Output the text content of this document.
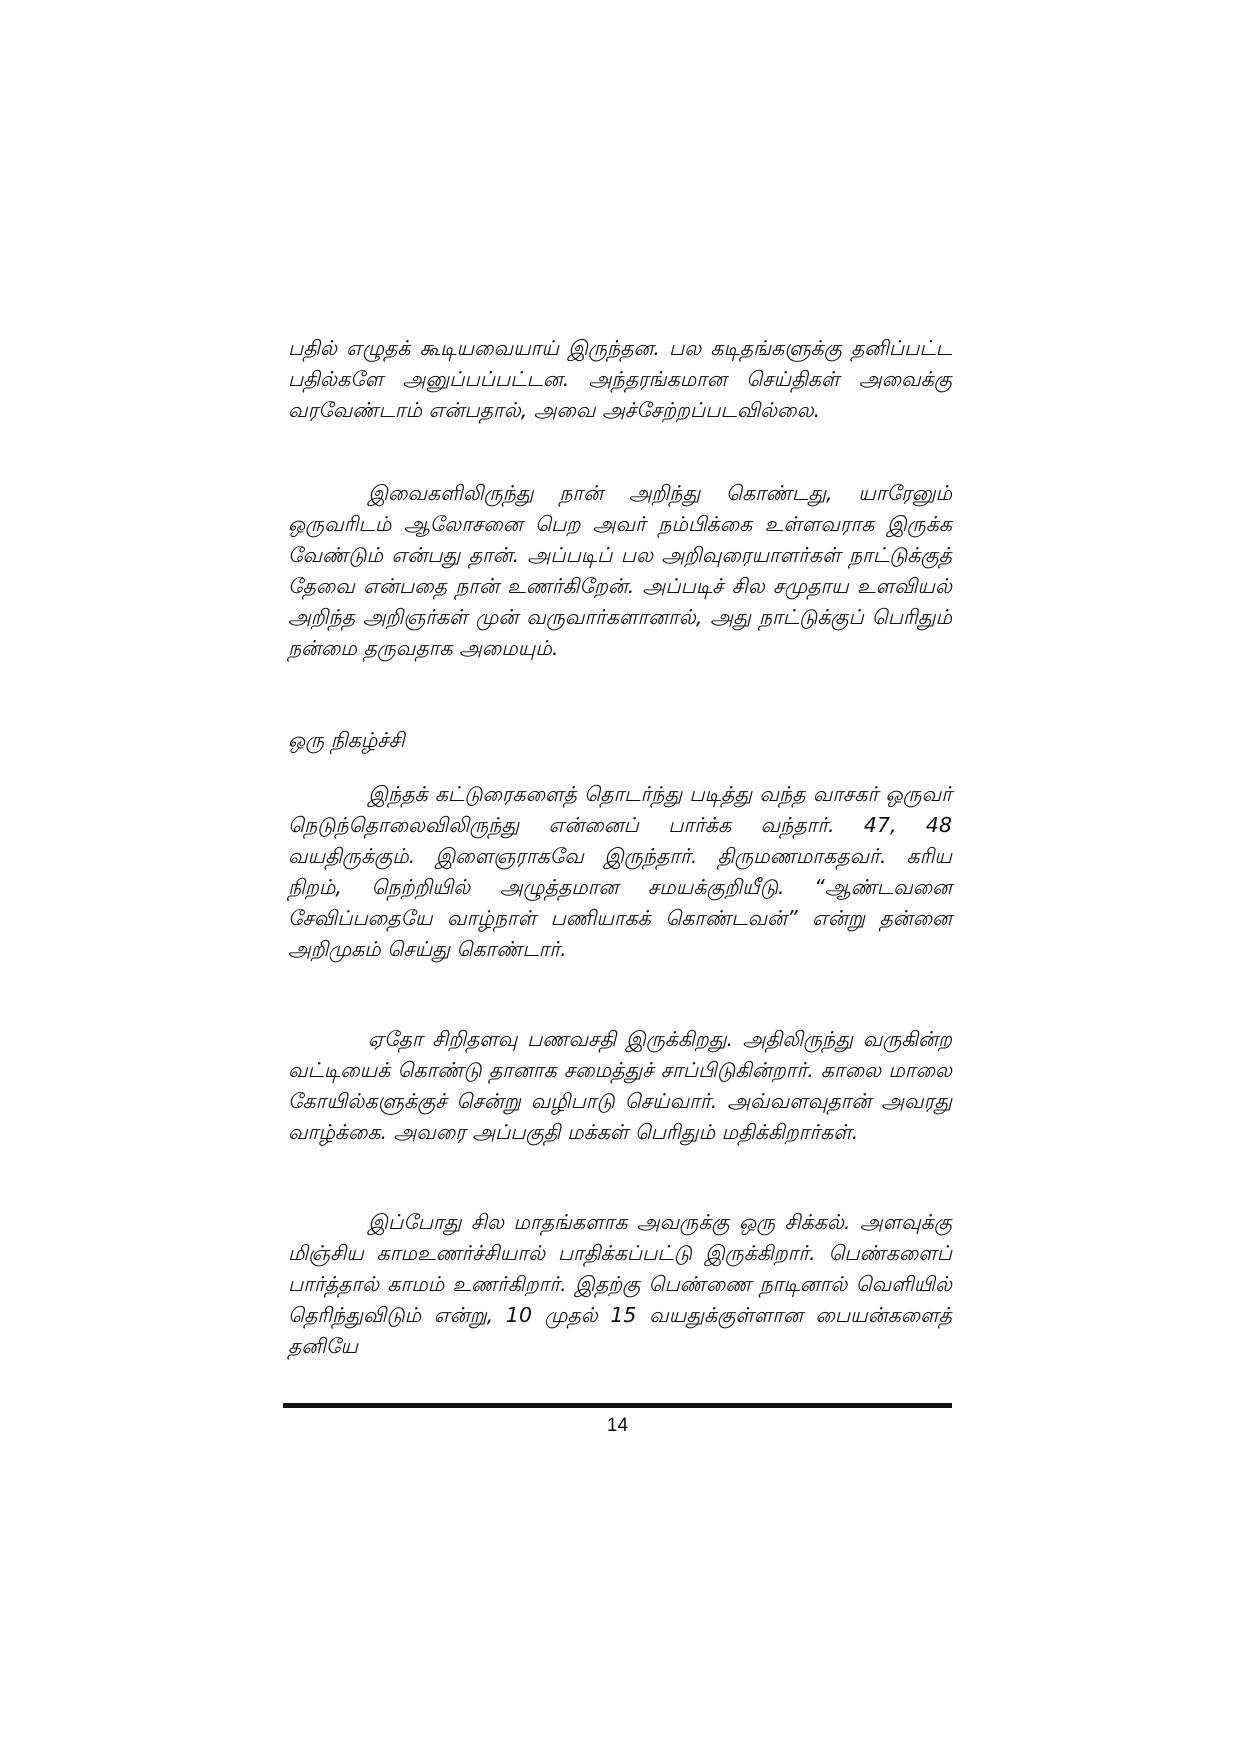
பதில் எழுதக் கூடியவையாய் இருந்தன. பல கடிதங்களுக்கு தனிப்பட்ட பதில்களே அனுப்பப்பட்டன. அந்தரங்கமான செய்திகள் அவைக்கு வரவேண்டாம் என்பதால், அவை அச்சேற்றப்படவில்லை.

இவைகளிலிருந்து நான் அறிந்து கொண்டது, யாரேனும் ஒருவரிடம் ஆலோசனை பெற அவர் நம்பிக்கை உள்ளவராக இருக்க வேண்டும் என்பது தான். அப்படிப் பல அறிவுரையாளர்கள் நாட்டுக்குத் தேவை என்பதை நான் உணர்கிறேன். அப்படிச் சில சமுதாய உளவியல் அறிந்த அறிஞர்கள் முன் வருவார்களானால், அது நாட்டுக்குப் பெரிதும் நன்மை தருவதாக அமையும்.

ஒரு நிகழ்ச்சி

இந்தக் கட்டுரைகளைத் தொடர்ந்து படித்து வந்த வாசகர் ஒருவர் நெடுந்தொலைவிலிருந்து என்னைப் பார்க்க வந்தார். 47, 48 வயதிருக்கும். இளைஞராகவே இருந்தார். திருமணமாகதவர். கரிய நிறம், நெற்றியில் அழுத்தமான சமயக்குறியீடு. “ஆண்டவனை சேவிப்பதையே வாழ்நாள் பணியாகக் கொண்டவன்” என்று தன்னை அறிமுகம் செய்து கொண்டார்.

ஏதோ சிறிதளவு பணவசதி இருக்கிறது. அதிலிருந்து வருகின்ற வட்டியைக் கொண்டு தானாக சமைத்துச் சாப்பிடுகின்றார். காலை மாலை கோயில்களுக்குச் சென்று வழிபாடு செய்வார். அவ்வளவுதான் அவரது வாழ்க்கை. அவரை அப்பகுதி மக்கள் பெரிதும் மதிக்கிறார்கள்.

இப்போது சில மாதங்களாக அவருக்கு ஒரு சிக்கல். அளவுக்கு மிஞ்சிய காமஉணர்ச்சியால் பாதிக்கப்பட்டு இருக்கிறார். பெண்களைப் பார்த்தால் காமம் உணர்கிறார். இதற்கு பெண்ணை நாடினால் வெளியில் தெரிந்துவிடும் என்று, 10 முதல் 15 வயதுக்குள்ளான பையன்களைத் தனியே

14
